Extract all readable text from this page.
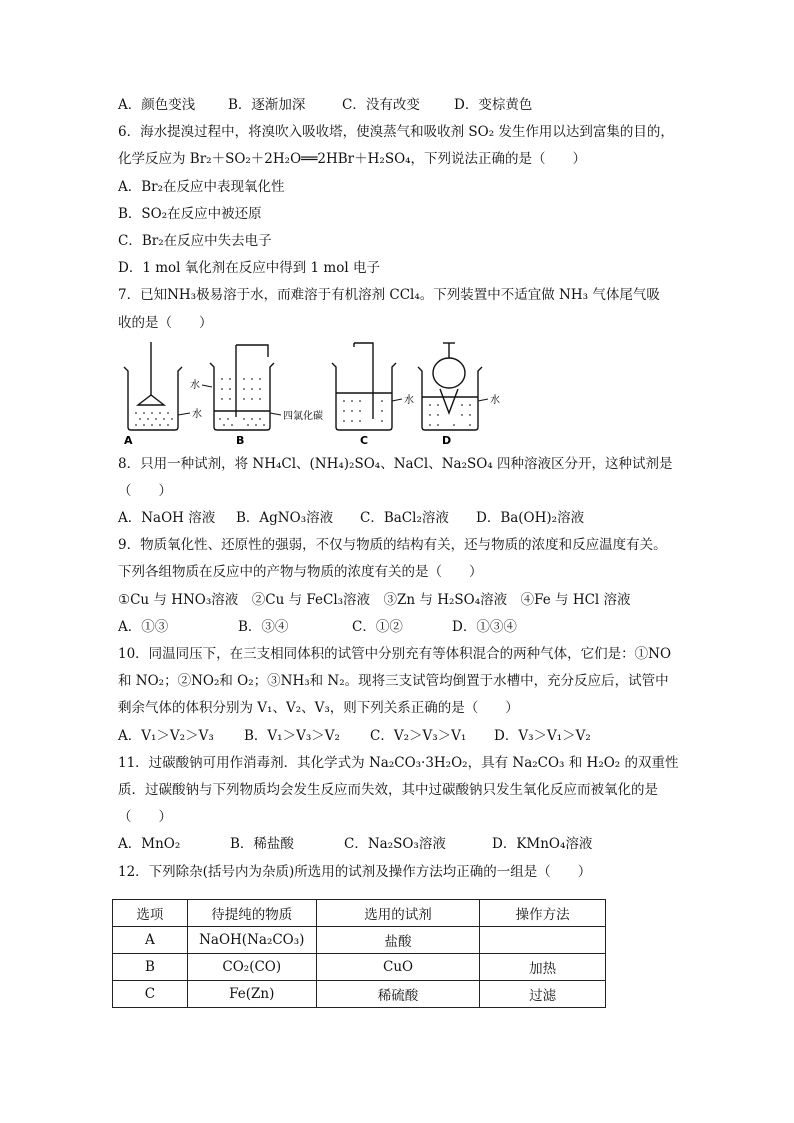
A．颜色变浅	B．逐渐加深	C．没有改变	D．变棕黄色
6．海水提溴过程中，将溴吹入吸收塔，使溴蒸气和吸收剂 SO₂ 发生作用以达到富集的目的，
化学反应为 Br₂＋SO₂＋2H₂O══2HBr＋H₂SO₄，下列说法正确的是（　　）
A．Br₂在反应中表现氧化性
B．SO₂在反应中被还原
C．Br₂在反应中失去电子
D．1 mol 氧化剂在反应中得到 1 mol 电子
7．已知NH₃极易溶于水，而难溶于有机溶剂 CCl₄。下列装置中不适宜做 NH₃ 气体尾气吸
收的是（　　）
水
水
四氯化碳
水	水
A	B	C	D
8．只用一种试剂，将 NH₄Cl、(NH₄)₂SO₄、NaCl、Na₂SO₄ 四种溶液区分开，这种试剂是
（　　）
A．NaOH 溶液	B．AgNO₃溶液	C．BaCl₂溶液	D．Ba(OH)₂溶液
9．物质氧化性、还原性的强弱，不仅与物质的结构有关，还与物质的浓度和反应温度有关。
下列各组物质在反应中的产物与物质的浓度有关的是（　　）
①Cu 与 HNO₃溶液　②Cu 与 FeCl₃溶液　③Zn 与 H₂SO₄溶液　④Fe 与 HCl 溶液
A．①③	B．③④	C．①②	D．①③④
10．同温同压下，在三支相同体积的试管中分别充有等体积混合的两种气体，它们是：①NO
和 NO₂；②NO₂和 O₂；③NH₃和 N₂。现将三支试管均倒置于水槽中，充分反应后，试管中
剩余气体的体积分别为 V₁、V₂、V₃，则下列关系正确的是（　　）
A．V₁＞V₂＞V₃	B．V₁＞V₃＞V₂	C．V₂＞V₃＞V₁	D．V₃＞V₁＞V₂
11．过碳酸钠可用作消毒剂．其化学式为 Na₂CO₃·3H₂O₂，具有 Na₂CO₃ 和 H₂O₂ 的双重性
质．过碳酸钠与下列物质均会发生反应而失效，其中过碳酸钠只发生氧化反应而被氧化的是
（　　）
A．MnO₂	B．稀盐酸	C．Na₂SO₃溶液	D．KMnO₄溶液
12．下列除杂(括号内为杂质)所选用的试剂及操作方法均正确的一组是（　　）
选项	待提纯的物质	选用的试剂	操作方法
A	NaOH(Na₂CO₃)	盐酸	
B	CO₂(CO)	CuO	加热
C	Fe(Zn)	稀硫酸	过滤
